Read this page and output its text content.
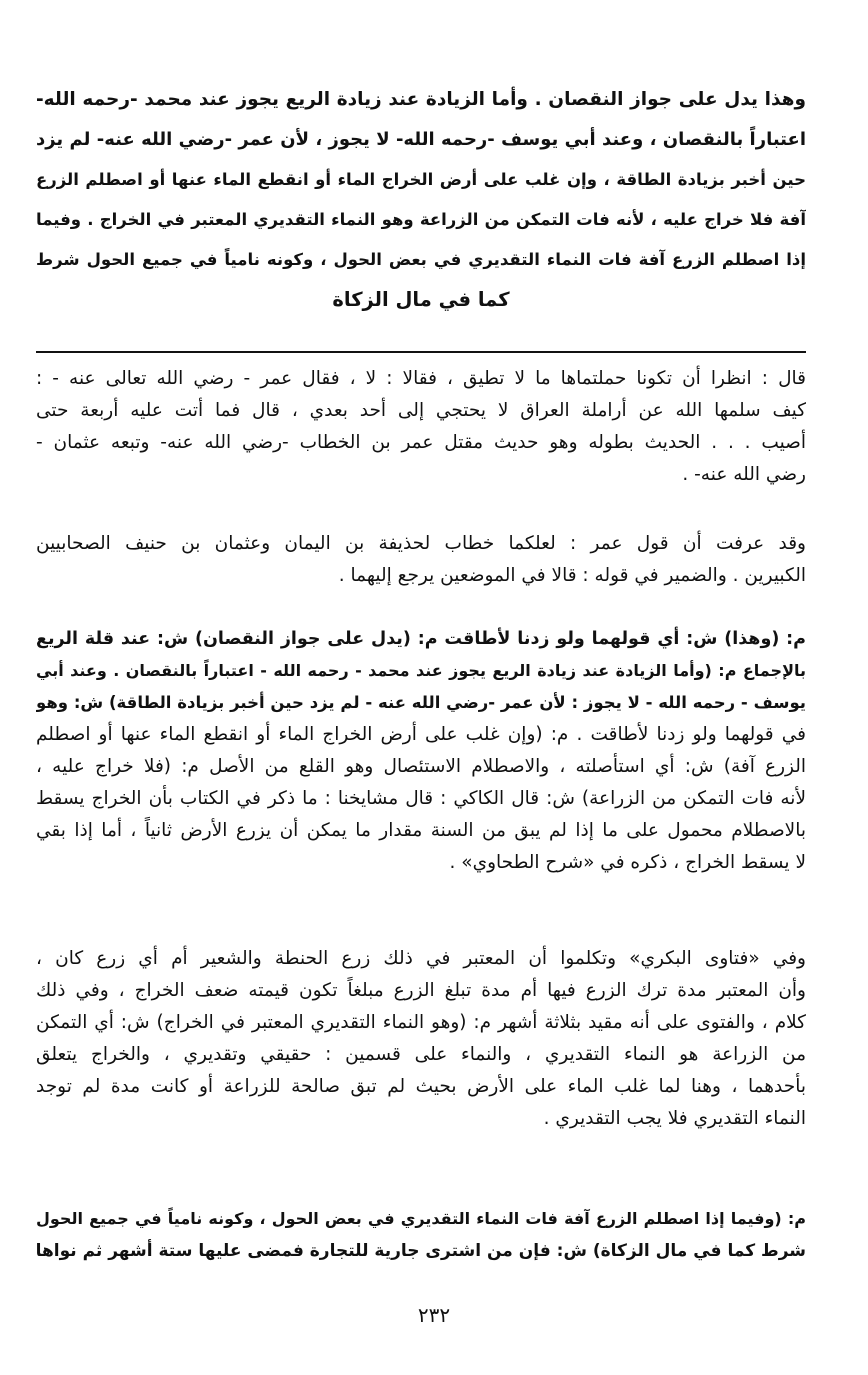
وهذا يدل على جواز النقصان . وأما الزيادة عند زيادة الريع يجوز عند محمد -رحمه الله-
اعتباراً بالنقصان ، وعند أبي يوسف -رحمه الله- لا يجوز ، لأن عمر -رضي الله عنه- لم يزد
حين أخبر بزيادة الطاقة ، وإن غلب على أرض الخراج الماء أو انقطع الماء عنها أو اصطلم الزرع
آفة فلا خراج عليه ، لأنه فات التمكن من الزراعة وهو النماء التقديري المعتبر في الخراج . وفيما
إذا اصطلم الزرع آفة فات النماء التقديري في بعض الحول ، وكونه نامياً في جميع الحول شرط
كما في مال الزكاة
قال : انظرا أن تكونا حملتماها ما لا تطيق ، فقالا : لا ، فقال عمر - رضي الله تعالى عنه - :
كيف سلمها الله عن أراملة العراق لا يحتجي إلى أحد بعدي ، قال فما أتت عليه أربعة حتى
أصيب . . . الحديث بطوله وهو حديث مقتل عمر بن الخطاب -رضي الله عنه- وتبعه عثمان -
رضي الله عنه- .
وقد عرفت أن قول عمر : لعلكما خطاب لحذيفة بن اليمان وعثمان بن حنيف الصحابيين
الكبيرين . والضمير في قوله : قالا في الموضعين يرجع إليهما .
م: (وهذا) ش: أي قولهما ولو زدنا لأطاقت م: (يدل على جواز النقصان) ش: عند قلة الريع
بالإجماع م: (وأما الزيادة عند زيادة الريع يجوز عند محمد - رحمه الله - اعتباراً بالنقصان . وعند أبي
يوسف - رحمه الله - لا يجوز : لأن عمر -رضي الله عنه - لم يزد حين أخبر بزيادة الطاقة) ش: وهو
في قولهما ولو زدنا لأطاقت . م: (وإن غلب على أرض الخراج الماء أو انقطع الماء عنها أو اصطلم
الزرع آفة) ش: أي استأصلته ، والاصطلام الاستئصال وهو القلع من الأصل م: (فلا خراج عليه ،
لأنه فات التمكن من الزراعة) ش: قال الكاكي : قال مشايخنا : ما ذكر في الكتاب بأن الخراج يسقط
بالاصطلام محمول على ما إذا لم يبق من السنة مقدار ما يمكن أن يزرع الأرض ثانياً ، أما إذا بقي
لا يسقط الخراج ، ذكره في «شرح الطحاوي» .
وفي «فتاوى البكري» وتكلموا أن المعتبر في ذلك زرع الحنطة والشعير أم أي زرع كان ،
وأن المعتبر مدة ترك الزرع فيها أم مدة تبلغ الزرع مبلغاً تكون قيمته ضعف الخراج ، وفي ذلك
كلام ، والفتوى على أنه مقيد بثلاثة أشهر م: (وهو النماء التقديري المعتبر في الخراج) ش: أي التمكن
من الزراعة هو النماء التقديري ، والنماء على قسمين : حقيقي وتقديري ، والخراج يتعلق
بأحدهما ، وهنا لما غلب الماء على الأرض بحيث لم تبق صالحة للزراعة أو كانت مدة لم توجد
النماء التقديري فلا يجب التقديري .
م: (وفيما إذا اصطلم الزرع آفة فات النماء التقديري في بعض الحول ، وكونه نامياً في جميع الحول
شرط كما في مال الزكاة) ش: فإن من اشترى جارية للتجارة فمضى عليها ستة أشهر ثم نواها
٢٣٢
